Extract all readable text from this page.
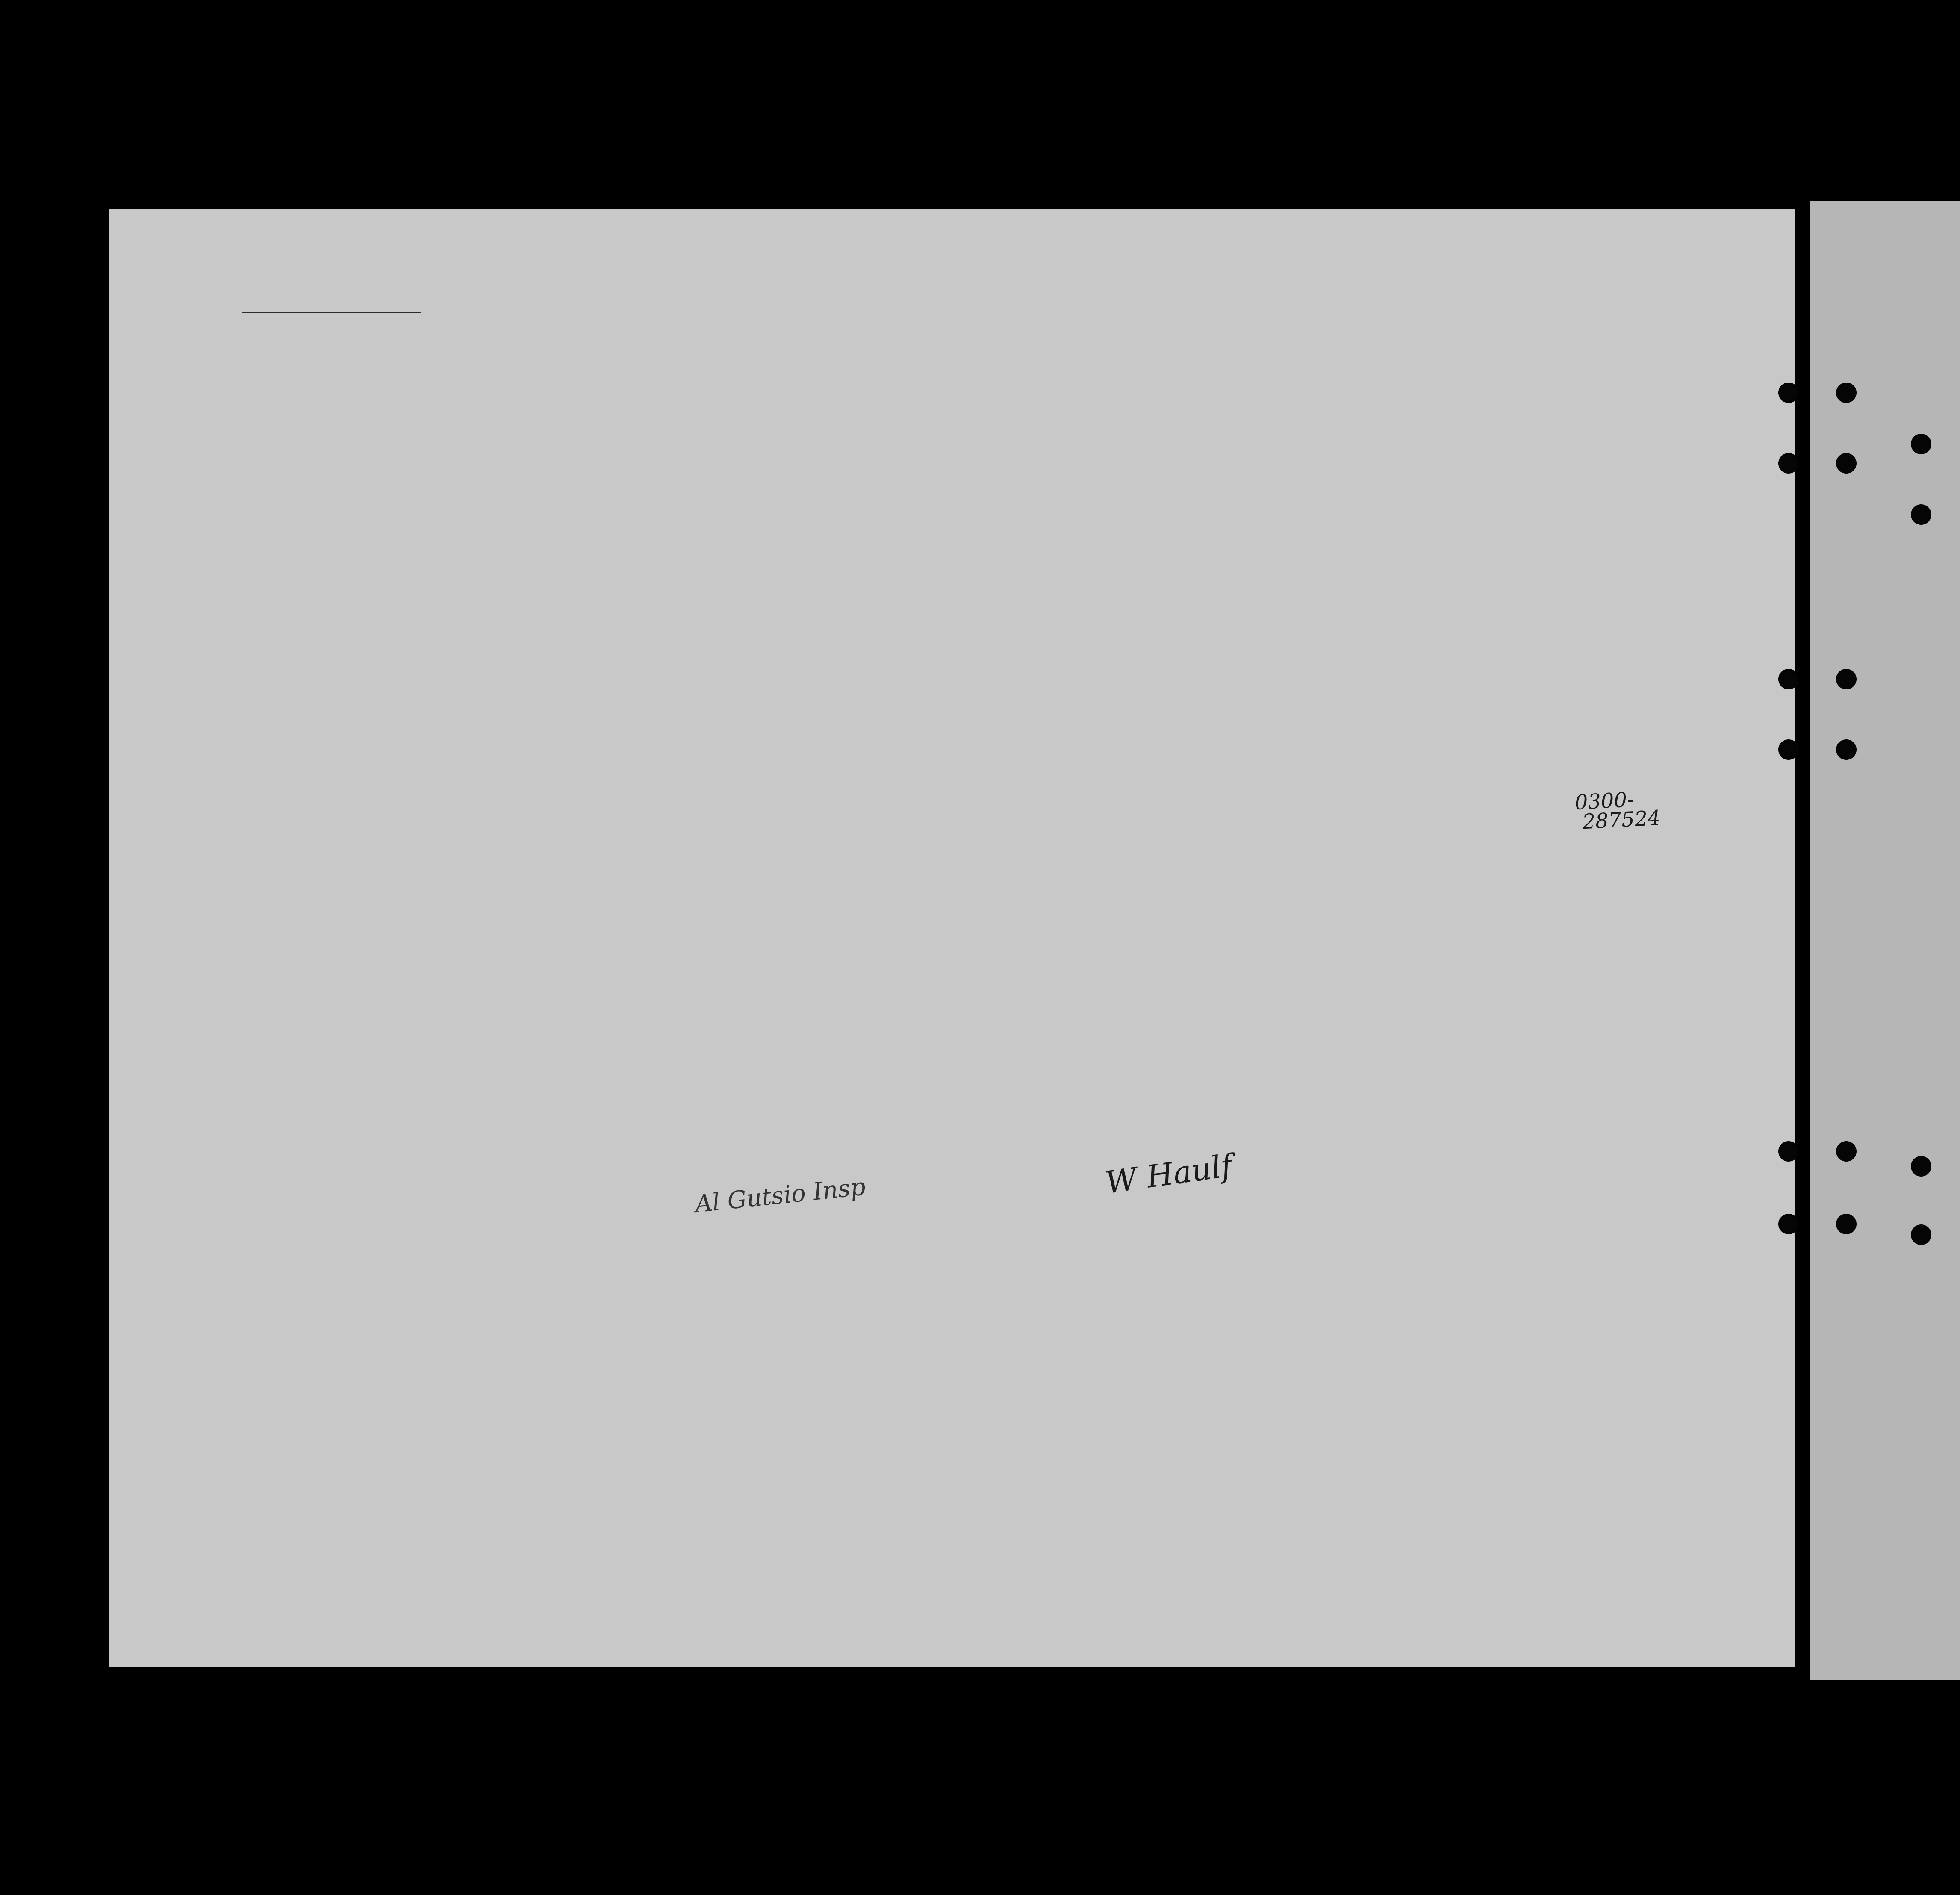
W Haulf
Al Gutsio Insp
0300-
287524
